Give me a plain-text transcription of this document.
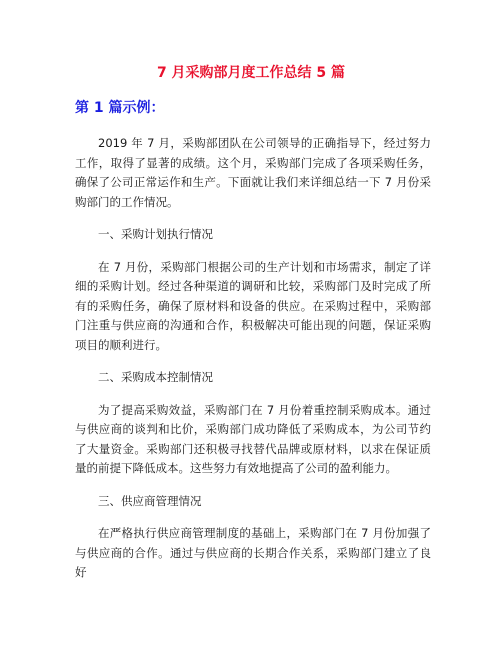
7 月采购部月度工作总结 5 篇
第 1 篇示例：

2019 年 7 月，采购部团队在公司领导的正确指导下，经过努力工作，取得了显著的成绩。这个月，采购部门完成了各项采购任务，确保了公司正常运作和生产。下面就让我们来详细总结一下 7 月份采购部门的工作情况。

一、采购计划执行情况

在 7 月份，采购部门根据公司的生产计划和市场需求，制定了详细的采购计划。经过各种渠道的调研和比较，采购部门及时完成了所有的采购任务，确保了原材料和设备的供应。在采购过程中，采购部门注重与供应商的沟通和合作，积极解决可能出现的问题，保证采购项目的顺利进行。

二、采购成本控制情况

为了提高采购效益，采购部门在 7 月份着重控制采购成本。通过与供应商的谈判和比价，采购部门成功降低了采购成本，为公司节约了大量资金。采购部门还积极寻找替代品牌或原材料，以求在保证质量的前提下降低成本。这些努力有效地提高了公司的盈利能力。

三、供应商管理情况

在严格执行供应商管理制度的基础上，采购部门在 7 月份加强了与供应商的合作。通过与供应商的长期合作关系，采购部门建立了良好
